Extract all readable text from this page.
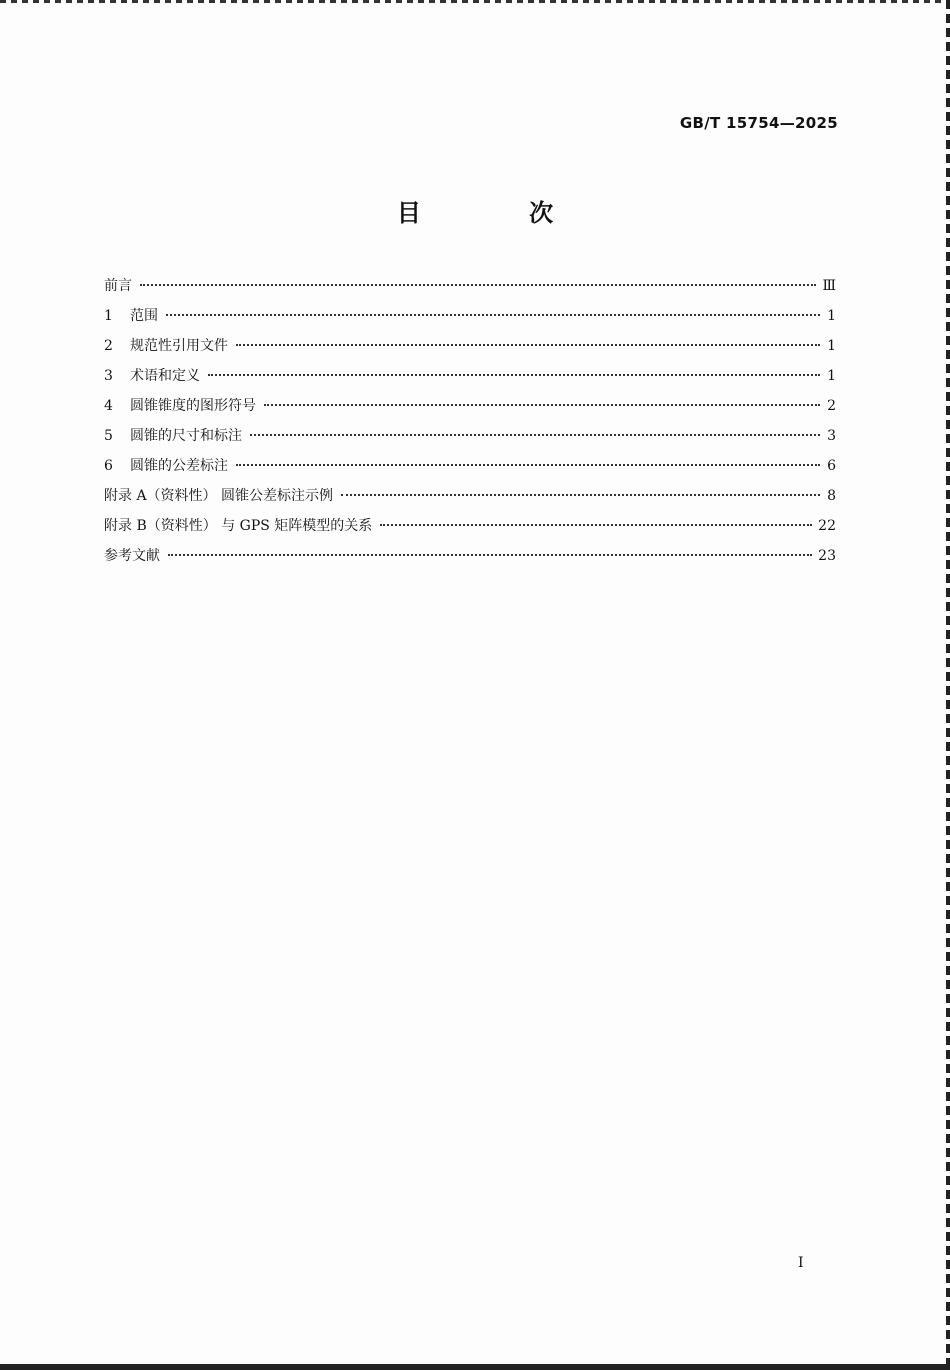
GB/T 15754—2025
目 次
前言	Ⅲ
1	范围	1
2	规范性引用文件	1
3	术语和定义	1
4	圆锥锥度的图形符号	2
5	圆锥的尺寸和标注	3
6	圆锥的公差标注	6
附录 A（资料性） 圆锥公差标注示例	8
附录 B（资料性） 与 GPS 矩阵模型的关系	22
参考文献	23
I
